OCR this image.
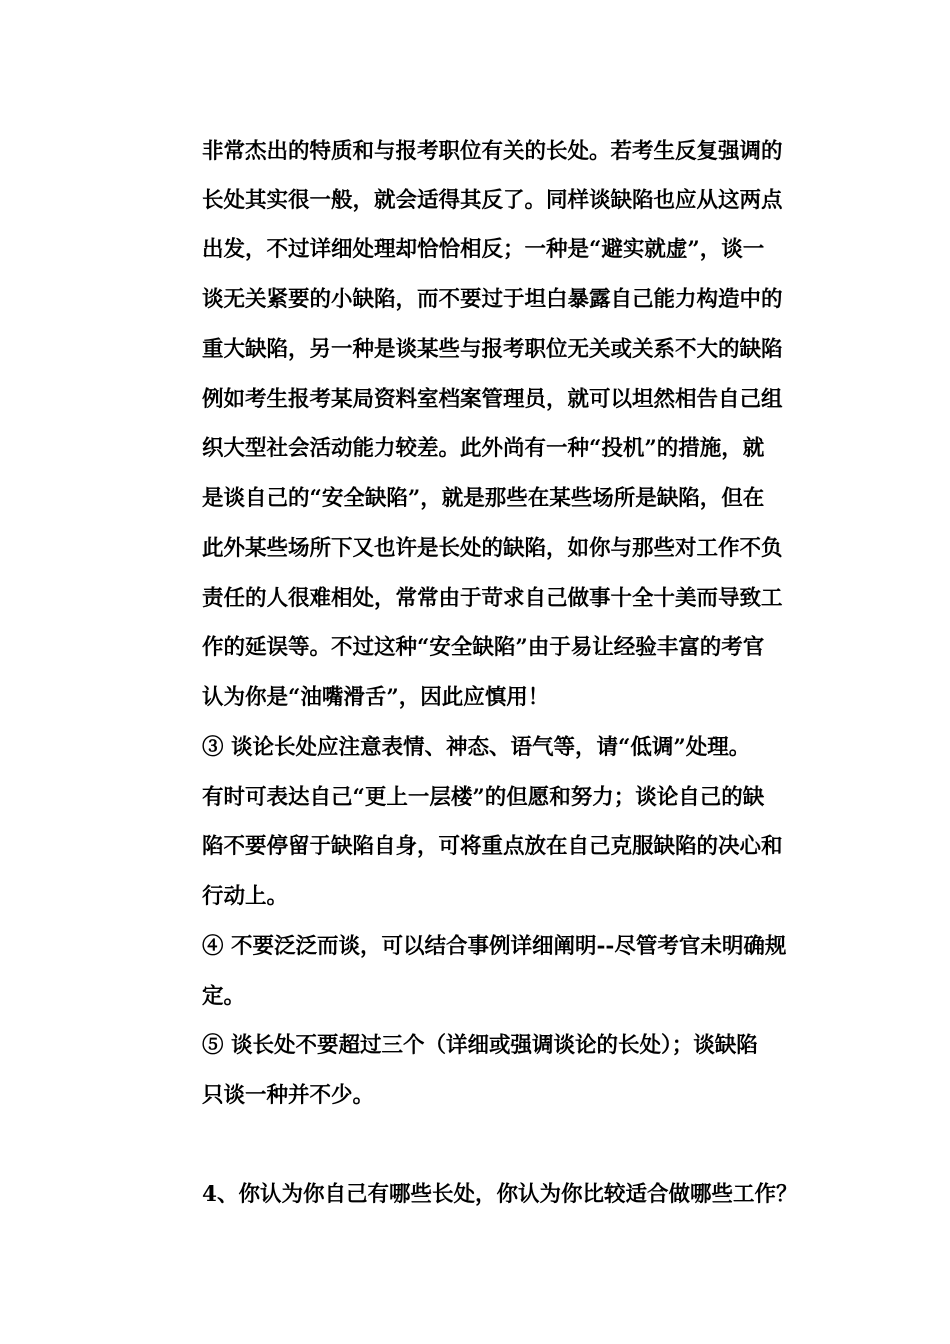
非常杰出的特质和与报考职位有关的长处。若考生反复强调的

长处其实很一般，就会适得其反了。同样谈缺陷也应从这两点

出发，不过详细处理却恰恰相反；一种是“避实就虚”，谈一

谈无关紧要的小缺陷，而不要过于坦白暴露自己能力构造中的

重大缺陷，另一种是谈某些与报考职位无关或关系不大的缺陷

例如考生报考某局资料室档案管理员，就可以坦然相告自己组

织大型社会活动能力较差。此外尚有一种“投机”的措施，就

是谈自己的“安全缺陷”，就是那些在某些场所是缺陷，但在

此外某些场所下又也许是长处的缺陷，如你与那些对工作不负

责任的人很难相处，常常由于苛求自己做事十全十美而导致工

作的延误等。不过这种“安全缺陷”由于易让经验丰富的考官

认为你是“油嘴滑舌”，因此应慎用！

③ 谈论长处应注意表情、神态、语气等，请“低调”处理。

有时可表达自己“更上一层楼”的但愿和努力；谈论自己的缺

陷不要停留于缺陷自身，可将重点放在自己克服缺陷的决心和

行动上。

④ 不要泛泛而谈，可以结合事例详细阐明--尽管考官未明确规

定。

⑤ 谈长处不要超过三个（详细或强调谈论的长处）；谈缺陷

只谈一种并不少。

4、你认为你自己有哪些长处，你认为你比较适合做哪些工作？
